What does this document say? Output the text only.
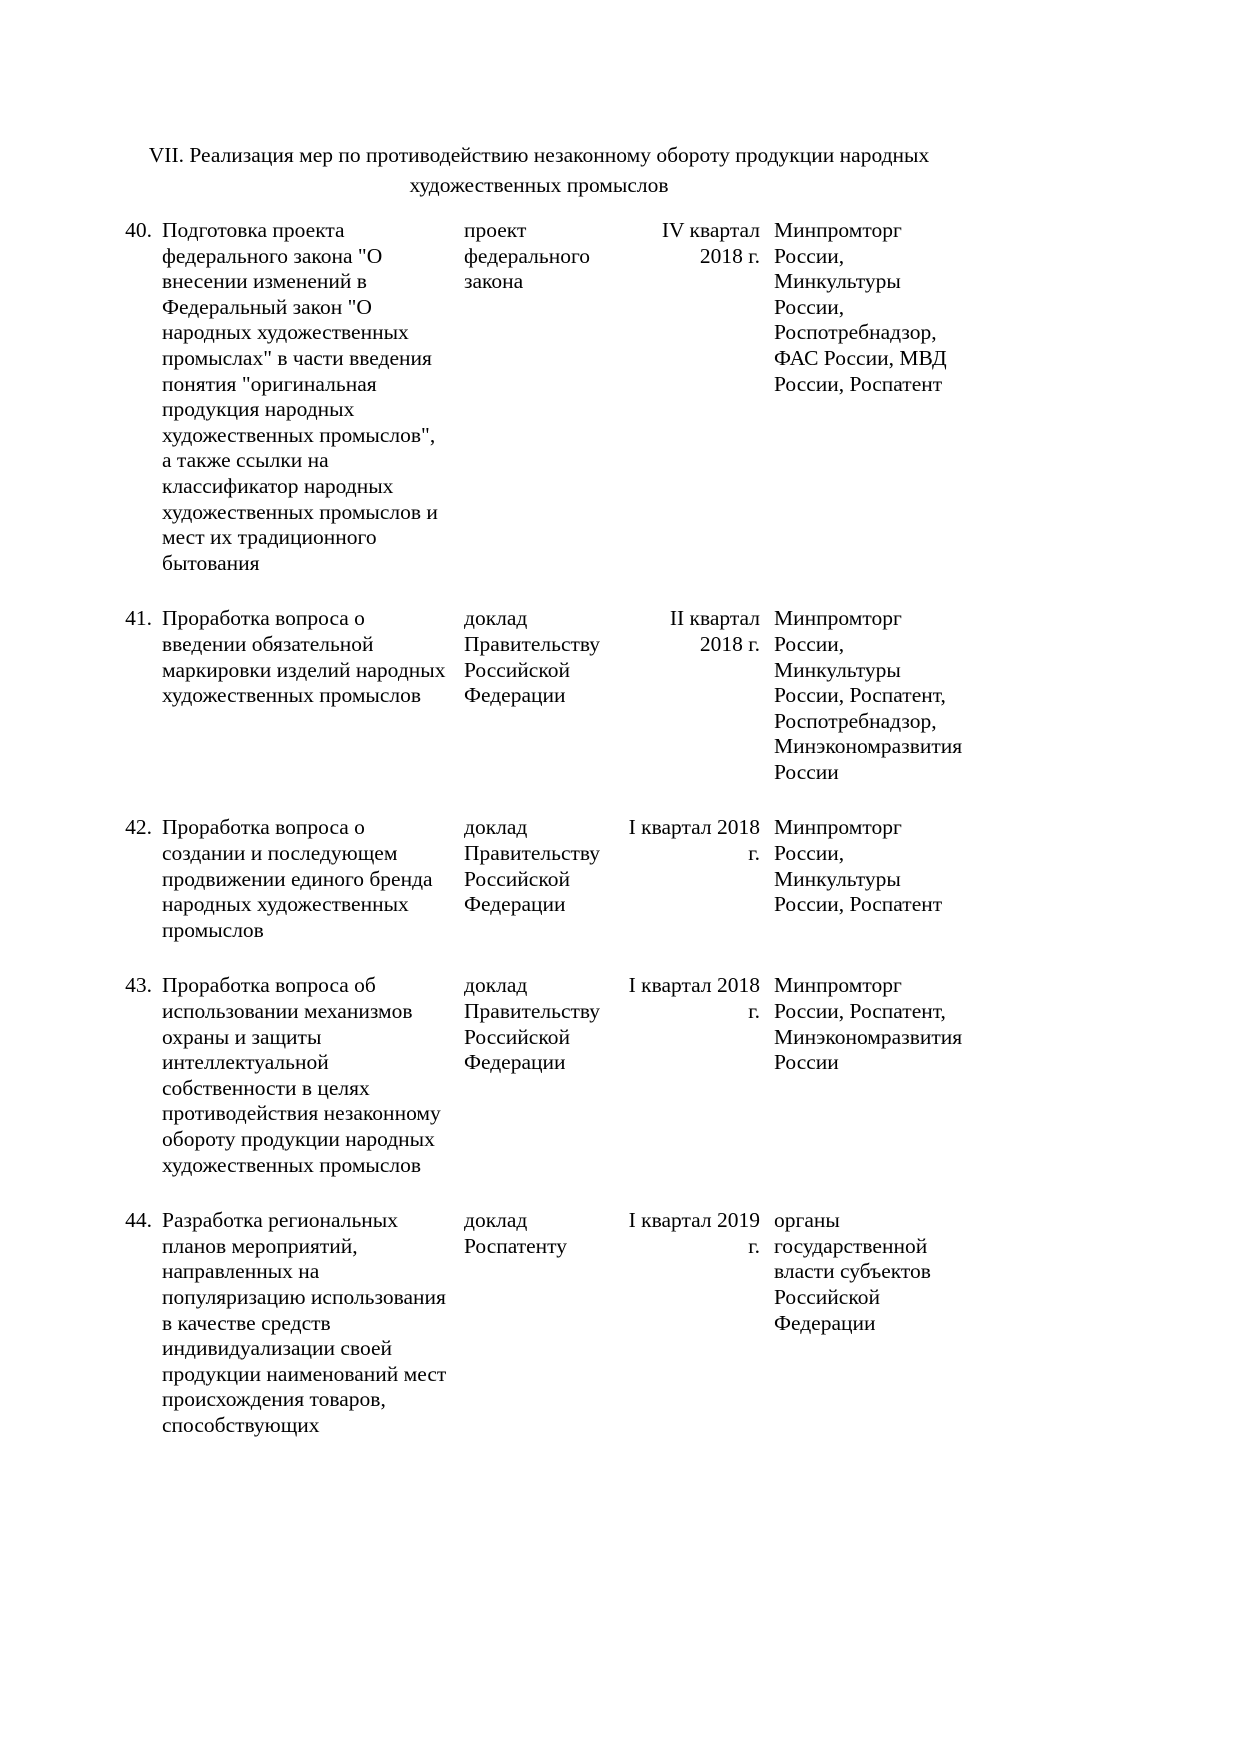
VII. Реализация мер по противодействию незаконному обороту продукции народных художественных промыслов
40.	Подготовка проекта федерального закона "О внесении изменений в Федеральный закон "О народных художественных промыслах" в части введения понятия "оригинальная продукция народных художественных промыслов", а также ссылки на классификатор народных художественных промыслов и мест их традиционного бытования	проект федерального закона	IV квартал 2018 г.	Минпромторг России, Минкультуры России, Роспотребнадзор, ФАС России, МВД России, Роспатент

41.	Проработка вопроса о введении обязательной маркировки изделий народных художественных промыслов	доклад Правительству Российской Федерации	II квартал 2018 г.	Минпромторг России, Минкультуры России, Роспатент, Роспотребнадзор, Минэкономразвития России

42.	Проработка вопроса о создании и последующем продвижении единого бренда народных художественных промыслов	доклад Правительству Российской Федерации	I квартал 2018 г.	Минпромторг России, Минкультуры России, Роспатент

43.	Проработка вопроса об использовании механизмов охраны и защиты интеллектуальной собственности в целях противодействия незаконному обороту продукции народных художественных промыслов	доклад Правительству Российской Федерации	I квартал 2018 г.	Минпромторг России, Роспатент, Минэкономразвития России

44.	Разработка региональных планов мероприятий, направленных на популяризацию использования в качестве средств индивидуализации своей продукции наименований мест происхождения товаров, способствующих	доклад Роспатенту	I квартал 2019 г.	органы государственной власти субъектов Российской Федерации
